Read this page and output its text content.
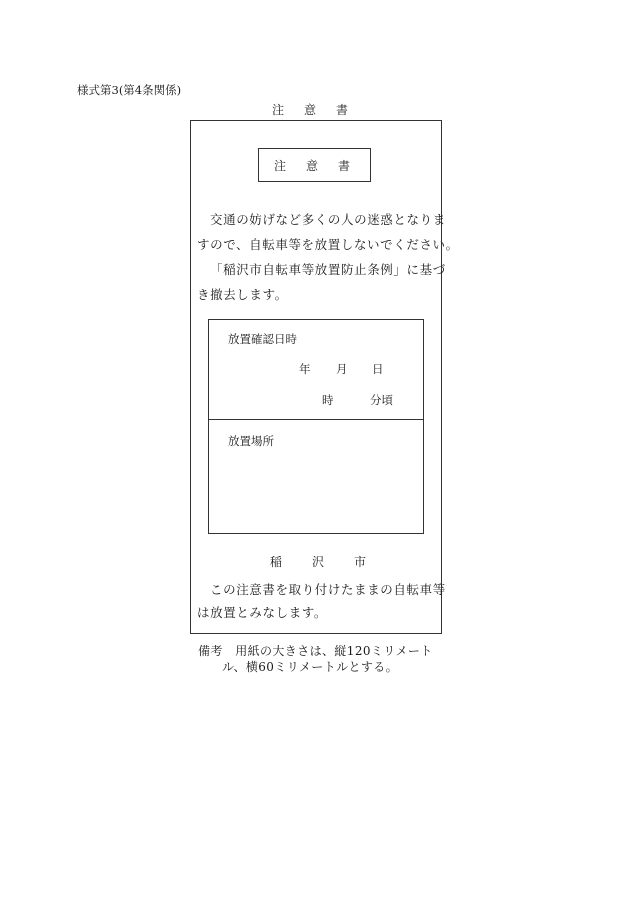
様式第3(第4条関係)
注意書
注意書
交通の妨げなど多くの人の迷惑となりま
すので、自転車等を放置しないでください。
「稲沢市自転車等放置防止条例」に基づ
き撤去します。
放置確認日時
年 月 日
時	分頃
放置場所
稲沢市
この注意書を取り付けたままの自転車等
は放置とみなします。
備考　用紙の大きさは、縦120ミリメート
ル、横60ミリメートルとする。
